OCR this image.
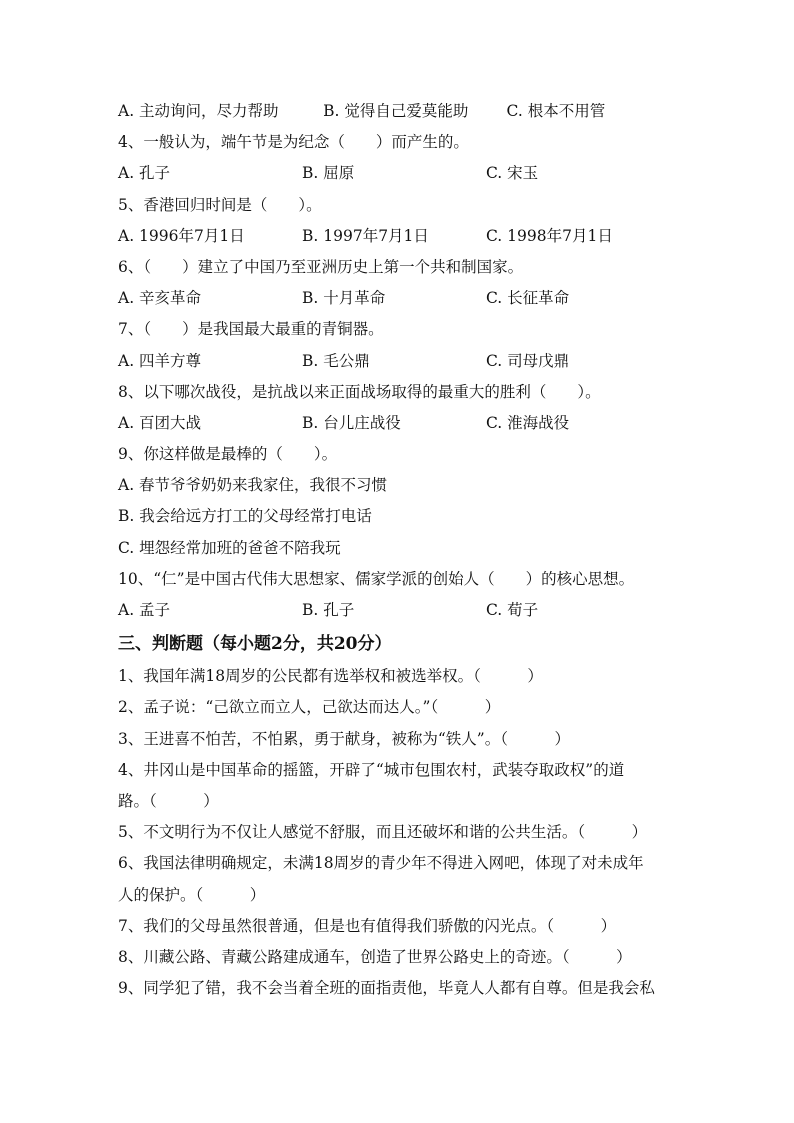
A. 主动询问，尽力帮助	B. 觉得自己爱莫能助	C. 根本不用管
4、一般认为，端午节是为纪念（　　）而产生的。
A. 孔子	B. 屈原	C. 宋玉
5、香港回归时间是（　　）。
A. 1996年7月1日	B. 1997年7月1日	C. 1998年7月1日
6、（　　）建立了中国乃至亚洲历史上第一个共和制国家。
A. 辛亥革命	B. 十月革命	C. 长征革命
7、（　　）是我国最大最重的青铜器。
A. 四羊方尊	B. 毛公鼎	C. 司母戊鼎
8、以下哪次战役，是抗战以来正面战场取得的最重大的胜利（　　）。
A. 百团大战	B. 台儿庄战役	C. 淮海战役
9、你这样做是最棒的（　　）。
A. 春节爷爷奶奶来我家住，我很不习惯
B. 我会给远方打工的父母经常打电话
C. 埋怨经常加班的爸爸不陪我玩
10、“仁”是中国古代伟大思想家、儒家学派的创始人（　　）的核心思想。
A. 孟子	B. 孔子	C. 荀子
三、判断题（每小题2分，共20分）
1、我国年满18周岁的公民都有选举权和被选举权。（　　　）
2、孟子说：“己欲立而立人，己欲达而达人。”（　　　）
3、王进喜不怕苦，不怕累，勇于献身，被称为“铁人”。（　　　）
4、井冈山是中国革命的摇篮，开辟了“城市包围农村，武装夺取政权”的道
路。（　　　）
5、不文明行为不仅让人感觉不舒服，而且还破坏和谐的公共生活。（　　　）
6、我国法律明确规定，未满18周岁的青少年不得进入网吧，体现了对未成年
人的保护。（　　　）
7、我们的父母虽然很普通，但是也有值得我们骄傲的闪光点。（　　　）
8、川藏公路、青藏公路建成通车，创造了世界公路史上的奇迹。（　　　）
9、同学犯了错，我不会当着全班的面指责他，毕竟人人都有自尊。但是我会私
